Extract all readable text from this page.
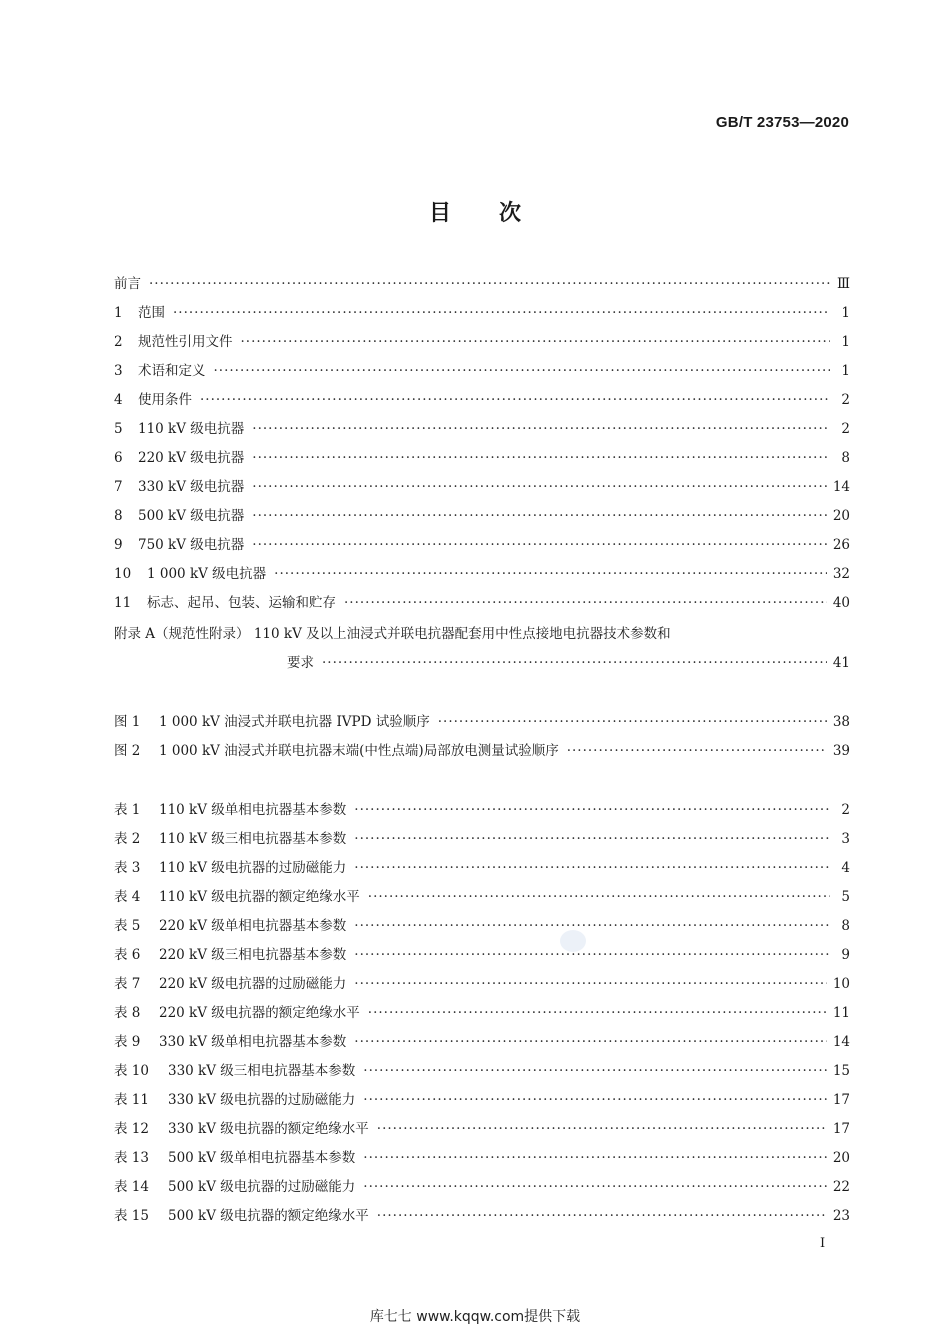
GB/T 23753—2020
目 次
前言 ·····	Ⅲ
1	范围 ·····	1
2	规范性引用文件 ·····	1
3	术语和定义 ·····	1
4	使用条件 ·····	2
5	110 kV 级电抗器 ·····	2
6	220 kV 级电抗器 ·····	8
7	330 kV 级电抗器 ·····	14
8	500 kV 级电抗器 ·····	20
9	750 kV 级电抗器 ·····	26
10	1 000 kV 级电抗器 ·····	32
11	标志、起吊、包装、运输和贮存 ·····	40
附录 A（规范性附录） 110 kV 及以上油浸式并联电抗器配套用中性点接地电抗器技术参数和
要求 ·····	41
图 1	1 000 kV 油浸式并联电抗器 IVPD 试验顺序 ·····	38
图 2	1 000 kV 油浸式并联电抗器末端(中性点端)局部放电测量试验顺序 ·····	39
表 1	110 kV 级单相电抗器基本参数 ·····	2
表 2	110 kV 级三相电抗器基本参数 ·····	3
表 3	110 kV 级电抗器的过励磁能力 ·····	4
表 4	110 kV 级电抗器的额定绝缘水平 ·····	5
表 5	220 kV 级单相电抗器基本参数 ·····	8
表 6	220 kV 级三相电抗器基本参数 ·····	9
表 7	220 kV 级电抗器的过励磁能力 ·····	10
表 8	220 kV 级电抗器的额定绝缘水平 ·····	11
表 9	330 kV 级单相电抗器基本参数 ·····	14
表 10	330 kV 级三相电抗器基本参数 ·····	15
表 11	330 kV 级电抗器的过励磁能力 ·····	17
表 12	330 kV 级电抗器的额定绝缘水平 ·····	17
表 13	500 kV 级单相电抗器基本参数 ·····	20
表 14	500 kV 级电抗器的过励磁能力 ·····	22
表 15	500 kV 级电抗器的额定绝缘水平 ·····	23
I
库七七 www.kqqw.com提供下载
